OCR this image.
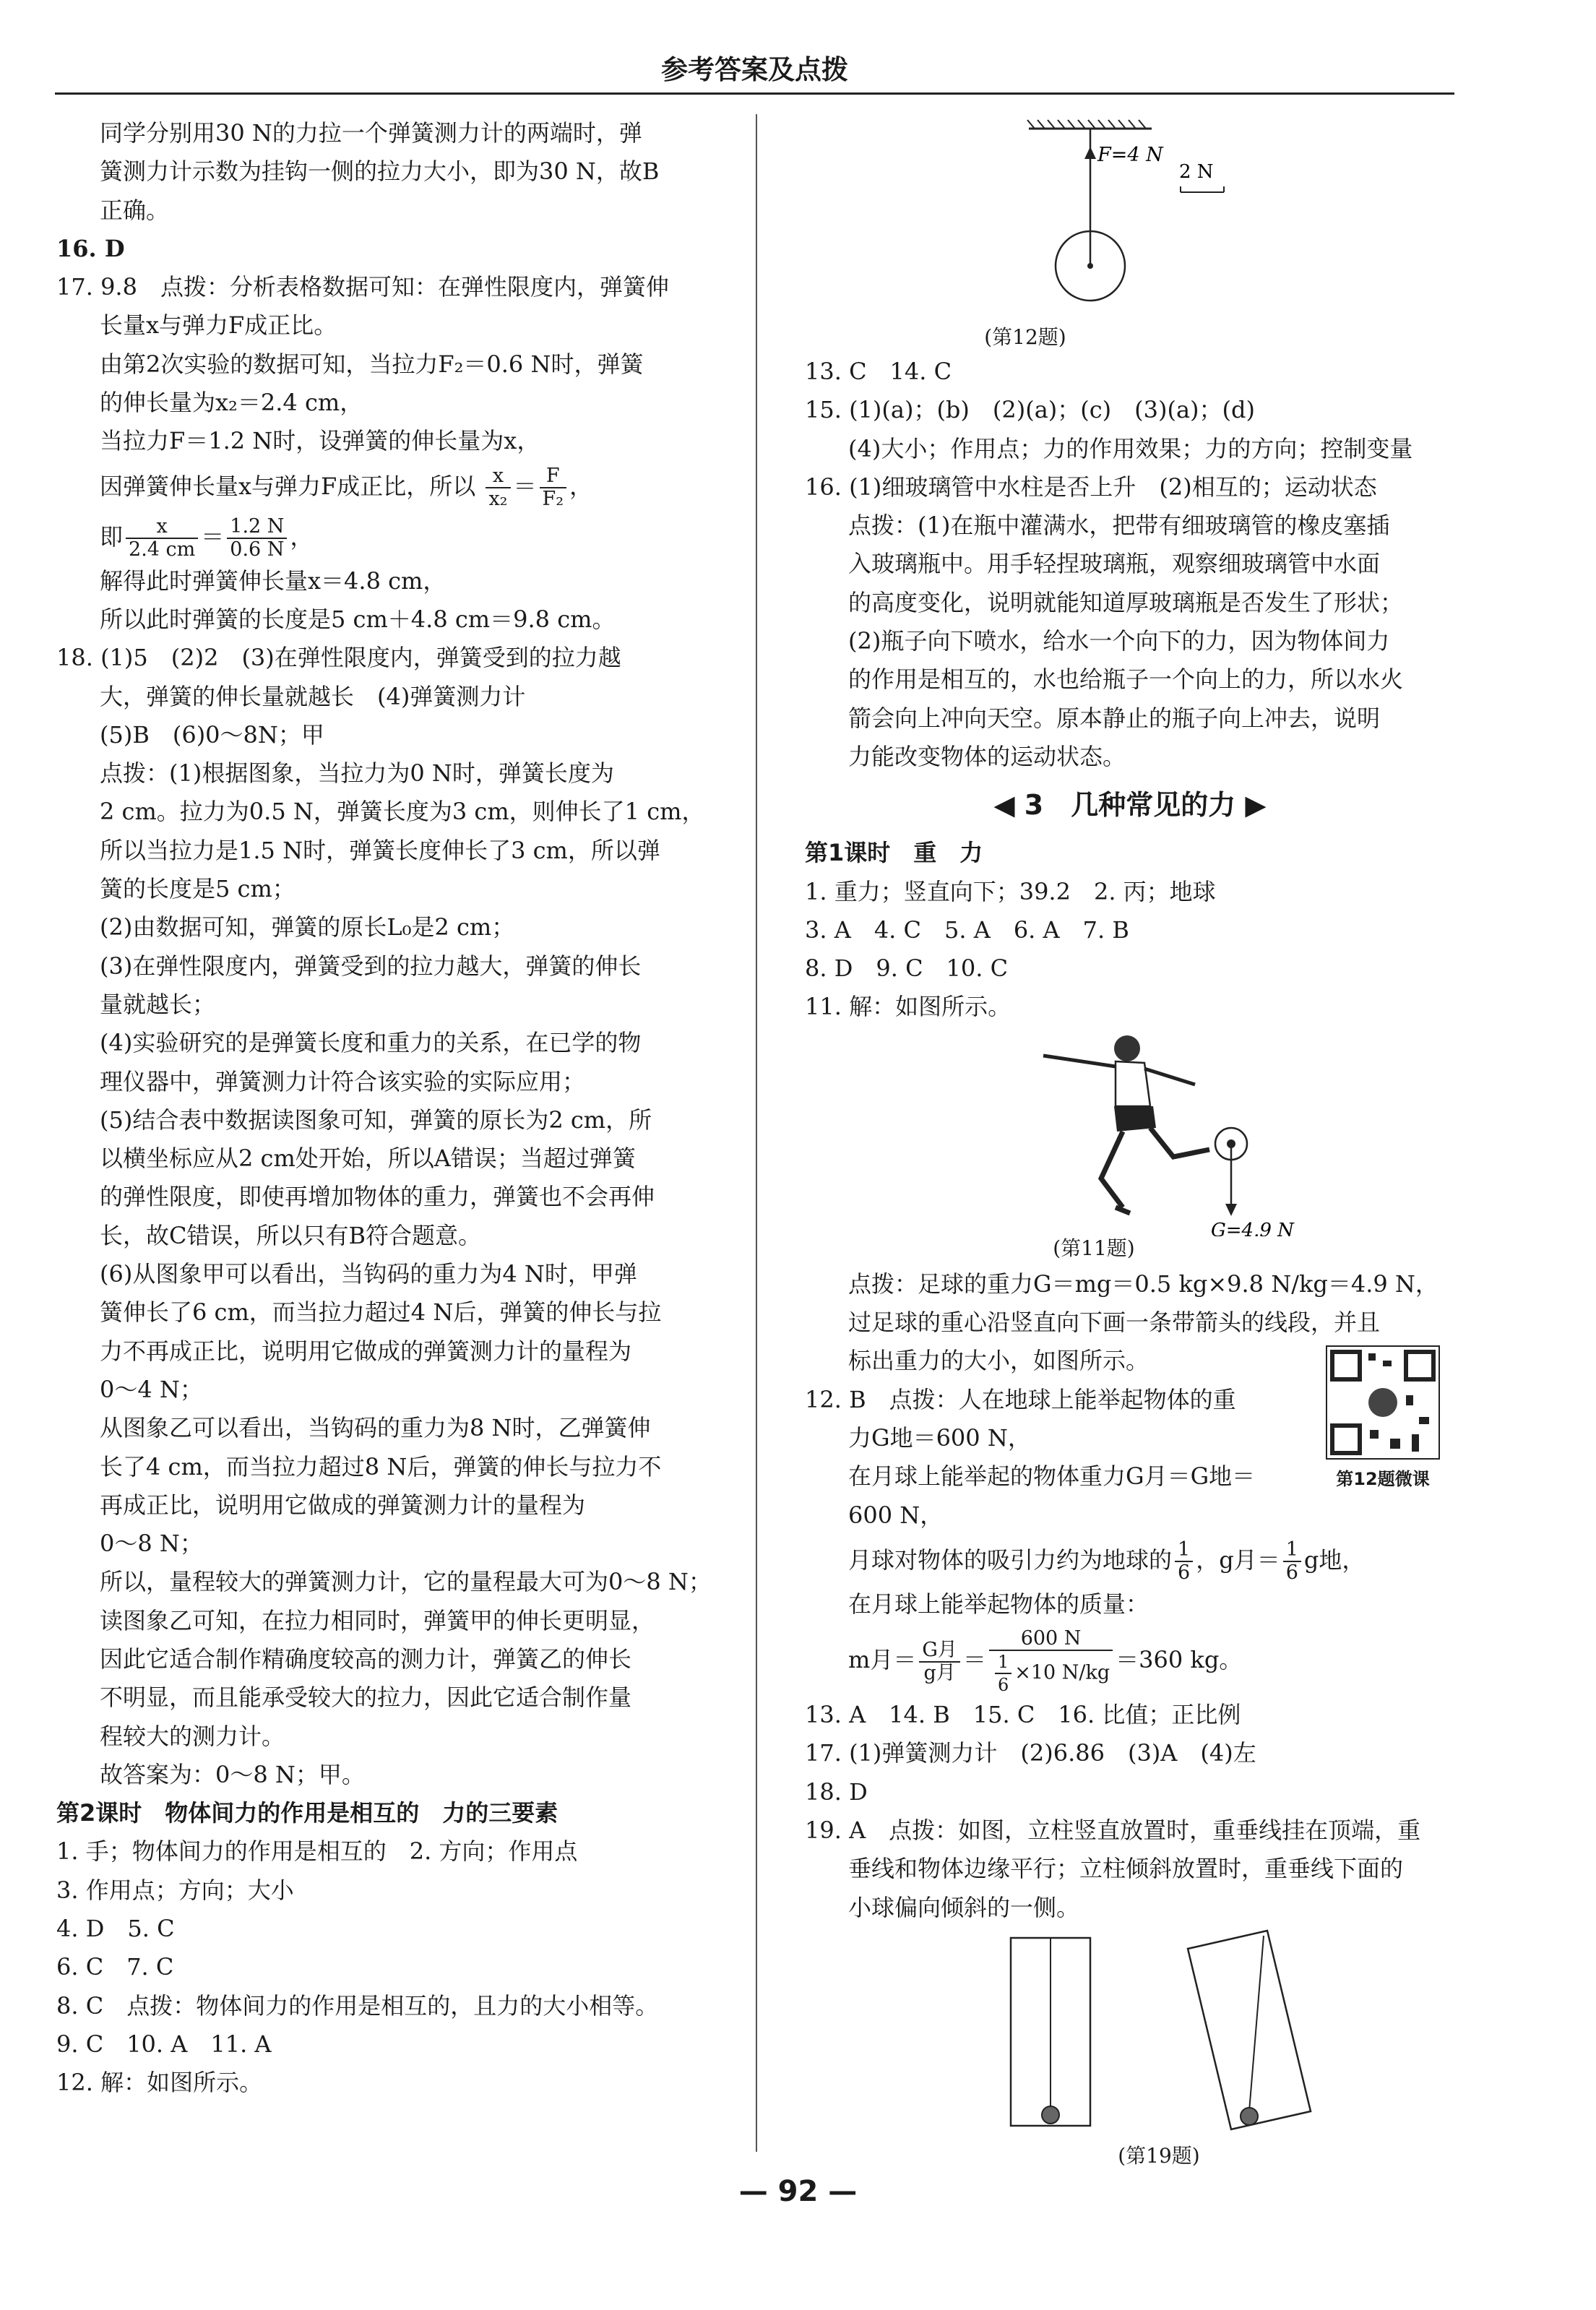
参考答案及点拨
同学分别用30 N的力拉一个弹簧测力计的两端时，弹
簧测力计示数为挂钩一侧的拉力大小，即为30 N，故B
正确。
16. D
17. 9.8　点拨：分析表格数据可知：在弹性限度内，弹簧伸
长量x与弹力F成正比。
由第2次实验的数据可知，当拉力F₂＝0.6 N时，弹簧
的伸长量为x₂＝2.4 cm，
当拉力F＝1.2 N时，设弹簧的伸长量为x，
因弹簧伸长量x与弹力F成正比，所以 $\frac{x}{\text{x₂}} = \frac{F}{\text{F₂}}$ ，
即 $\frac{x}{2.4 cm} = \frac{1.2 N}{0.6 N}$ ，
解得此时弹簧伸长量x＝4.8 cm，
所以此时弹簧的长度是5 cm＋4.8 cm＝9.8 cm。
18. (1)5　(2)2　(3)在弹性限度内，弹簧受到的拉力越
大，弹簧的伸长量就越长　(4)弹簧测力计
(5)B　(6)0～8N；甲
点拨：(1)根据图象，当拉力为0 N时，弹簧长度为
2 cm。拉力为0.5 N，弹簧长度为3 cm，则伸长了1 cm，
所以当拉力是1.5 N时，弹簧长度伸长了3 cm，所以弹
簧的长度是5 cm；
(2)由数据可知，弹簧的原长L₀是2 cm；
(3)在弹性限度内，弹簧受到的拉力越大，弹簧的伸长
量就越长；
(4)实验研究的是弹簧长度和重力的关系，在已学的物
理仪器中，弹簧测力计符合该实验的实际应用；
(5)结合表中数据读图象可知，弹簧的原长为2 cm，所
以横坐标应从2 cm处开始，所以A错误；当超过弹簧
的弹性限度，即使再增加物体的重力，弹簧也不会再伸
长，故C错误，所以只有B符合题意。
(6)从图象甲可以看出，当钩码的重力为4 N时，甲弹
簧伸长了6 cm，而当拉力超过4 N后，弹簧的伸长与拉
力不再成正比，说明用它做成的弹簧测力计的量程为
0～4 N；
从图象乙可以看出，当钩码的重力为8 N时，乙弹簧伸
长了4 cm，而当拉力超过8 N后，弹簧的伸长与拉力不
再成正比，说明用它做成的弹簧测力计的量程为
0～8 N；
所以，量程较大的弹簧测力计，它的量程最大可为0～8 N；
读图象乙可知，在拉力相同时，弹簧甲的伸长更明显，
因此它适合制作精确度较高的测力计，弹簧乙的伸长
不明显，而且能承受较大的拉力，因此它适合制作量
程较大的测力计。
故答案为：0～8 N；甲。
第2课时　物体间力的作用是相互的　力的三要素
1. 手；物体间力的作用是相互的　2. 方向；作用点
3. 作用点；方向；大小
4. D　5. C
6. C　7. C
8. C　点拨：物体间力的作用是相互的，且力的大小相等。
9. C　10. A　11. A
12. 解：如图所示。
F=4 N
2 N
(第12题)
13. C　14. C
15. (1)(a)；(b)　(2)(a)；(c)　(3)(a)；(d)
(4)大小；作用点；力的作用效果；力的方向；控制变量
16. (1)细玻璃管中水柱是否上升　(2)相互的；运动状态
点拨：(1)在瓶中灌满水，把带有细玻璃管的橡皮塞插
入玻璃瓶中。用手轻捏玻璃瓶，观察细玻璃管中水面
的高度变化，说明就能知道厚玻璃瓶是否发生了形状；
(2)瓶子向下喷水，给水一个向下的力，因为物体间力
的作用是相互的，水也给瓶子一个向上的力，所以水火
箭会向上冲向天空。原本静止的瓶子向上冲去，说明
力能改变物体的运动状态。
◀ 3　几种常见的力 ▶
第1课时　重　力
1. 重力；竖直向下；39.2　2. 丙；地球
3. A　4. C　5. A　6. A　7. B
8. D　9. C　10. C
11. 解：如图所示。
G=4.9 N
(第11题)
点拨：足球的重力G＝mg＝0.5 kg×9.8 N/kg＝4.9 N，
过足球的重心沿竖直向下画一条带箭头的线段，并且
标出重力的大小，如图所示。
12. B　点拨：人在地球上能举起物体的重
力G地＝600 N，
在月球上能举起的物体重力G月＝G地＝
600 N，
第12题微课
月球对物体的吸引力约为地球的 $\frac{1}{6}$ ，g月＝ $\frac{1}{6}$ g地，
在月球上能举起物体的质量：
m月＝ $\frac{\text{G月}}{\text{g月}} = \frac{600 N}{\frac{1}{6} \times 10 N/kg} =360$ kg。
13. A　14. B　15. C　16. 比值；正比例
17. (1)弹簧测力计　(2)6.86　(3)A　(4)左
18. D
19. A　点拨：如图，立柱竖直放置时，重垂线挂在顶端，重
垂线和物体边缘平行；立柱倾斜放置时，重垂线下面的
小球偏向倾斜的一侧。
(第19题)
— 92 —
